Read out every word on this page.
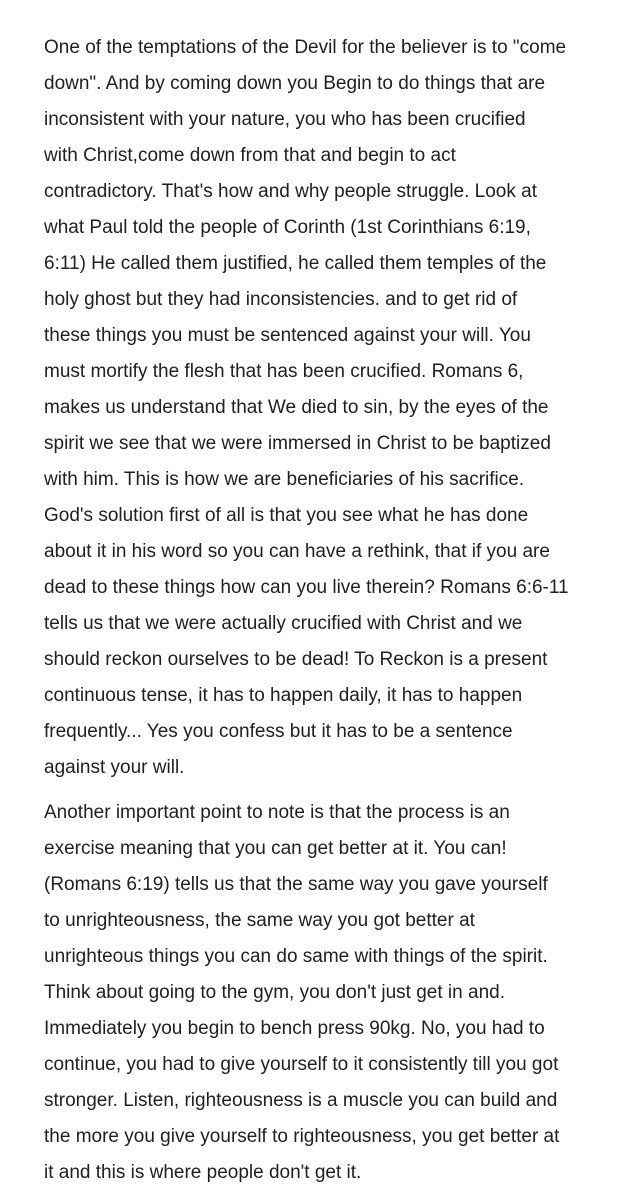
One of the temptations of the Devil for the believer is to "come
down". And by coming down you Begin to do things that are
inconsistent with your nature, you who has been crucified
with Christ,come down from that and begin to act
contradictory. That's how and why people struggle. Look at
what Paul told the people of Corinth (1st Corinthians 6:19,
6:11) He called them justified, he called them temples of the
holy ghost but they had inconsistencies. and to get rid of
these things you must be sentenced against your will. You
must mortify the flesh that has been crucified. Romans 6,
makes us understand that We died to sin, by the eyes of the
spirit we see that we were immersed in Christ to be baptized
with him. This is how we are beneficiaries of his sacrifice.
God's solution first of all is that you see what he has done
about it in his word so you can have a rethink, that if you are
dead to these things how can you live therein? Romans 6:6-11
tells us that we were actually crucified with Christ and we
should reckon ourselves to be dead! To Reckon is a present
continuous tense, it has to happen daily, it has to happen
frequently... Yes you confess but it has to be a sentence
against your will.

Another important point to note is that the process is an
exercise meaning that you can get better at it. You can!
(Romans 6:19) tells us that the same way you gave yourself
to unrighteousness, the same way you got better at
unrighteous things you can do same with things of the spirit.
Think about going to the gym, you don't just get in and.
Immediately you begin to bench press 90kg. No, you had to
continue, you had to give yourself to it consistently till you got
stronger. Listen, righteousness is a muscle you can build and
the more you give yourself to righteousness, you get better at
it and this is where people don't get it.
